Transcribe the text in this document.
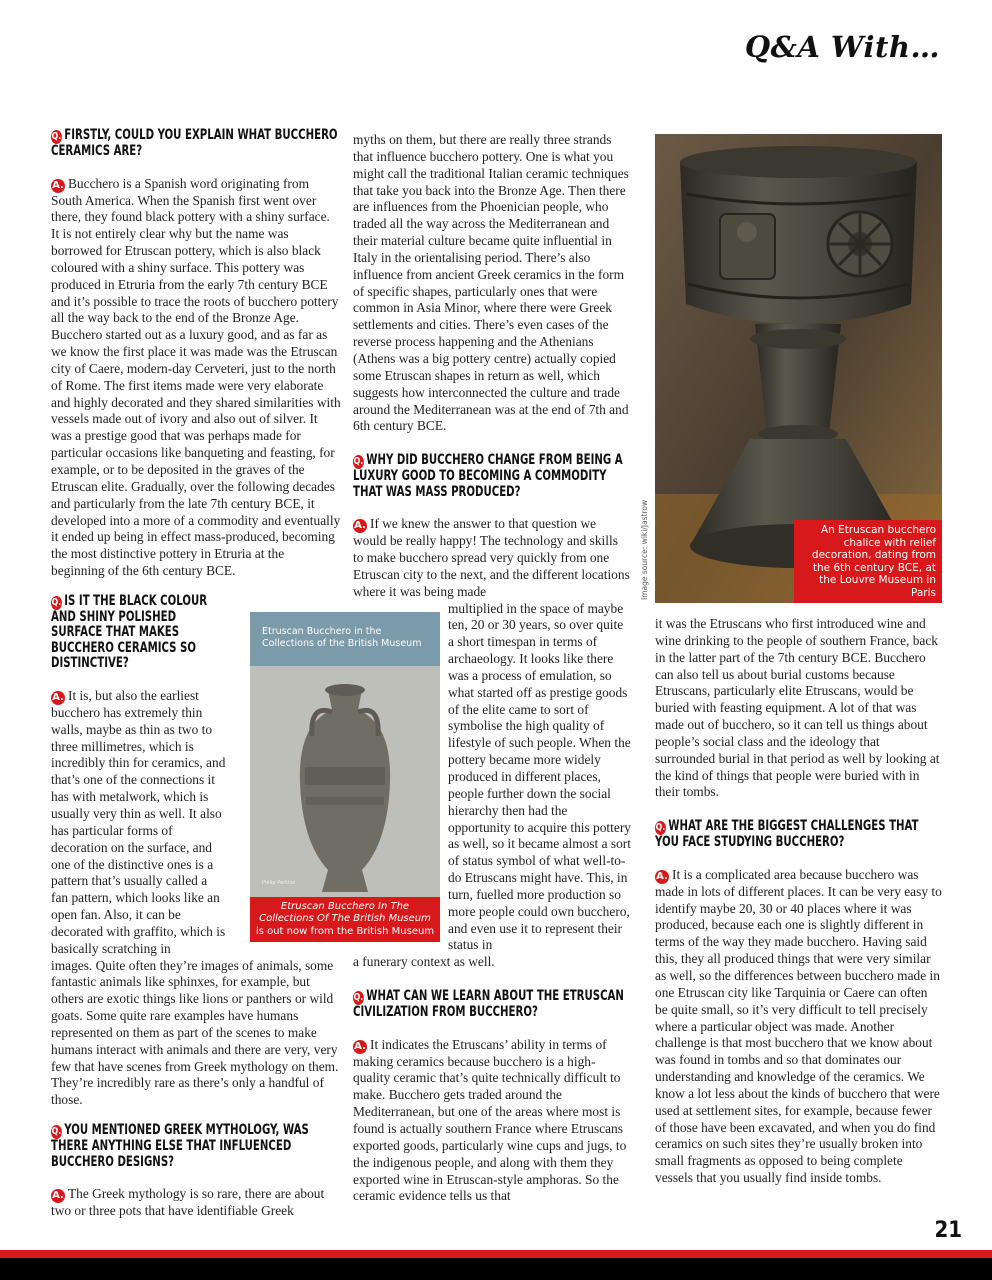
Q&A With…
Q. FIRSTLY, COULD YOU EXPLAIN WHAT BUCCHERO CERAMICS ARE?

A. Bucchero is a Spanish word originating from South America. When the Spanish first went over there, they found black pottery with a shiny surface. It is not entirely clear why but the name was borrowed for Etruscan pottery, which is also black coloured with a shiny surface. This pottery was produced in Etruria from the early 7th century BCE and it’s possible to trace the roots of bucchero pottery all the way back to the end of the Bronze Age. Bucchero started out as a luxury good, and as far as we know the first place it was made was the Etruscan city of Caere, modern-day Cerveteri, just to the north of Rome. The first items made were very elaborate and highly decorated and they shared similarities with vessels made out of ivory and also out of silver. It was a prestige good that was perhaps made for particular occasions like banqueting and feasting, for example, or to be deposited in the graves of the Etruscan elite. Gradually, over the following decades and particularly from the late 7th century BCE, it developed into a more of a commodity and eventually it ended up being in effect mass-produced, becoming the most distinctive pottery in Etruria at the beginning of the 6th century BCE.

Q. IS IT THE BLACK COLOUR AND SHINY POLISHED SURFACE THAT MAKES BUCCHERO CERAMICS SO DISTINCTIVE?

A. It is, but also the earliest bucchero has extremely thin walls, maybe as thin as two to three millimetres, which is incredibly thin for ceramics, and that’s one of the connections it has with metalwork, which is usually very thin as well. It also has particular forms of decoration on the surface, and one of the distinctive ones is a pattern that’s usually called a fan pattern, which looks like an open fan. Also, it can be decorated with graffito, which is basically scratching in

images. Quite often they’re images of animals, some fantastic animals like sphinxes, for example, but others are exotic things like lions or panthers or wild goats. Some quite rare examples have humans represented on them as part of the scenes to make humans interact with animals and there are very, very few that have scenes from Greek mythology on them. They’re incredibly rare as there’s only a handful of those.

Q. YOU MENTIONED GREEK MYTHOLOGY, WAS THERE ANYTHING ELSE THAT INFLUENCED BUCCHERO DESIGNS?

A. The Greek mythology is so rare, there are about two or three pots that have identifiable Greek

myths on them, but there are really three strands that influence bucchero pottery. One is what you might call the traditional Italian ceramic techniques that take you back into the Bronze Age. Then there are influences from the Phoenician people, who traded all the way across the Mediterranean and their material culture became quite influential in Italy in the orientalising period. There’s also influence from ancient Greek ceramics in the form of specific shapes, particularly ones that were common in Asia Minor, where there were Greek settlements and cities. There’s even cases of the reverse process happening and the Athenians (Athens was a big pottery centre) actually copied some Etruscan shapes in return as well, which suggests how interconnected the culture and trade around the Mediterranean was at the end of 7th and 6th century BCE.

Q. WHY DID BUCCHERO CHANGE FROM BEING A LUXURY GOOD TO BECOMING A COMMODITY THAT WAS MASS PRODUCED?

A. If we knew the answer to that question we would be really happy! The technology and skills to make bucchero spread very quickly from one Etruscan city to the next, and the different locations where it was being made

multiplied in the space of maybe ten, 20 or 30 years, so over quite a short timespan in terms of archaeology. It looks like there was a process of emulation, so what started off as prestige goods of the elite came to sort of symbolise the high quality of lifestyle of such people. When the pottery became more widely produced in different places, people further down the social hierarchy then had the opportunity to acquire this pottery as well, so it became almost a sort of status symbol of what well-to-do Etruscans might have. This, in turn, fuelled more production so more people could own bucchero, and even use it to represent their status in

a funerary context as well.

Q. WHAT CAN WE LEARN ABOUT THE ETRUSCAN CIVILIZATION FROM BUCCHERO?

A. It indicates the Etruscans’ ability in terms of making ceramics because bucchero is a high-quality ceramic that’s quite technically difficult to make. Bucchero gets traded around the Mediterranean, but one of the areas where most is found is actually southern France where Etruscans exported goods, particularly wine cups and jugs, to the indigenous people, and along with them they exported wine in Etruscan-style amphoras. So the ceramic evidence tells us that

it was the Etruscans who first introduced wine and wine drinking to the people of southern France, back in the latter part of the 7th century BCE. Bucchero can also tell us about burial customs because Etruscans, particularly elite Etruscans, would be buried with feasting equipment. A lot of that was made out of bucchero, so it can tell us things about people’s social class and the ideology that surrounded burial in that period as well by looking at the kind of things that people were buried with in their tombs.

Q. WHAT ARE THE BIGGEST CHALLENGES THAT YOU FACE STUDYING BUCCHERO?

A. It is a complicated area because bucchero was made in lots of different places. It can be very easy to identify maybe 20, 30 or 40 places where it was produced, because each one is slightly different in terms of the way they made bucchero. Having said this, they all produced things that were very similar as well, so the differences between bucchero made in one Etruscan city like Tarquinia or Caere can often be quite small, so it’s very difficult to tell precisely where a particular object was made. Another challenge is that most bucchero that we know about was found in tombs and so that dominates our understanding and knowledge of the ceramics. We know a lot less about the kinds of bucchero that were used at settlement sites, for example, because fewer of those have been excavated, and when you do find ceramics on such sites they’re usually broken into small fragments as opposed to being complete vessels that you usually find inside tombs.

An Etruscan bucchero chalice with relief decoration, dating from the 6th century BCE, at the Louvre Museum in Paris
Image source: wiki/Jastrow
Etruscan Bucchero in the Collections of the British Museum
Philip Perkins
Etruscan Bucchero In The Collections Of The British Museum is out now from the British Museum
21
